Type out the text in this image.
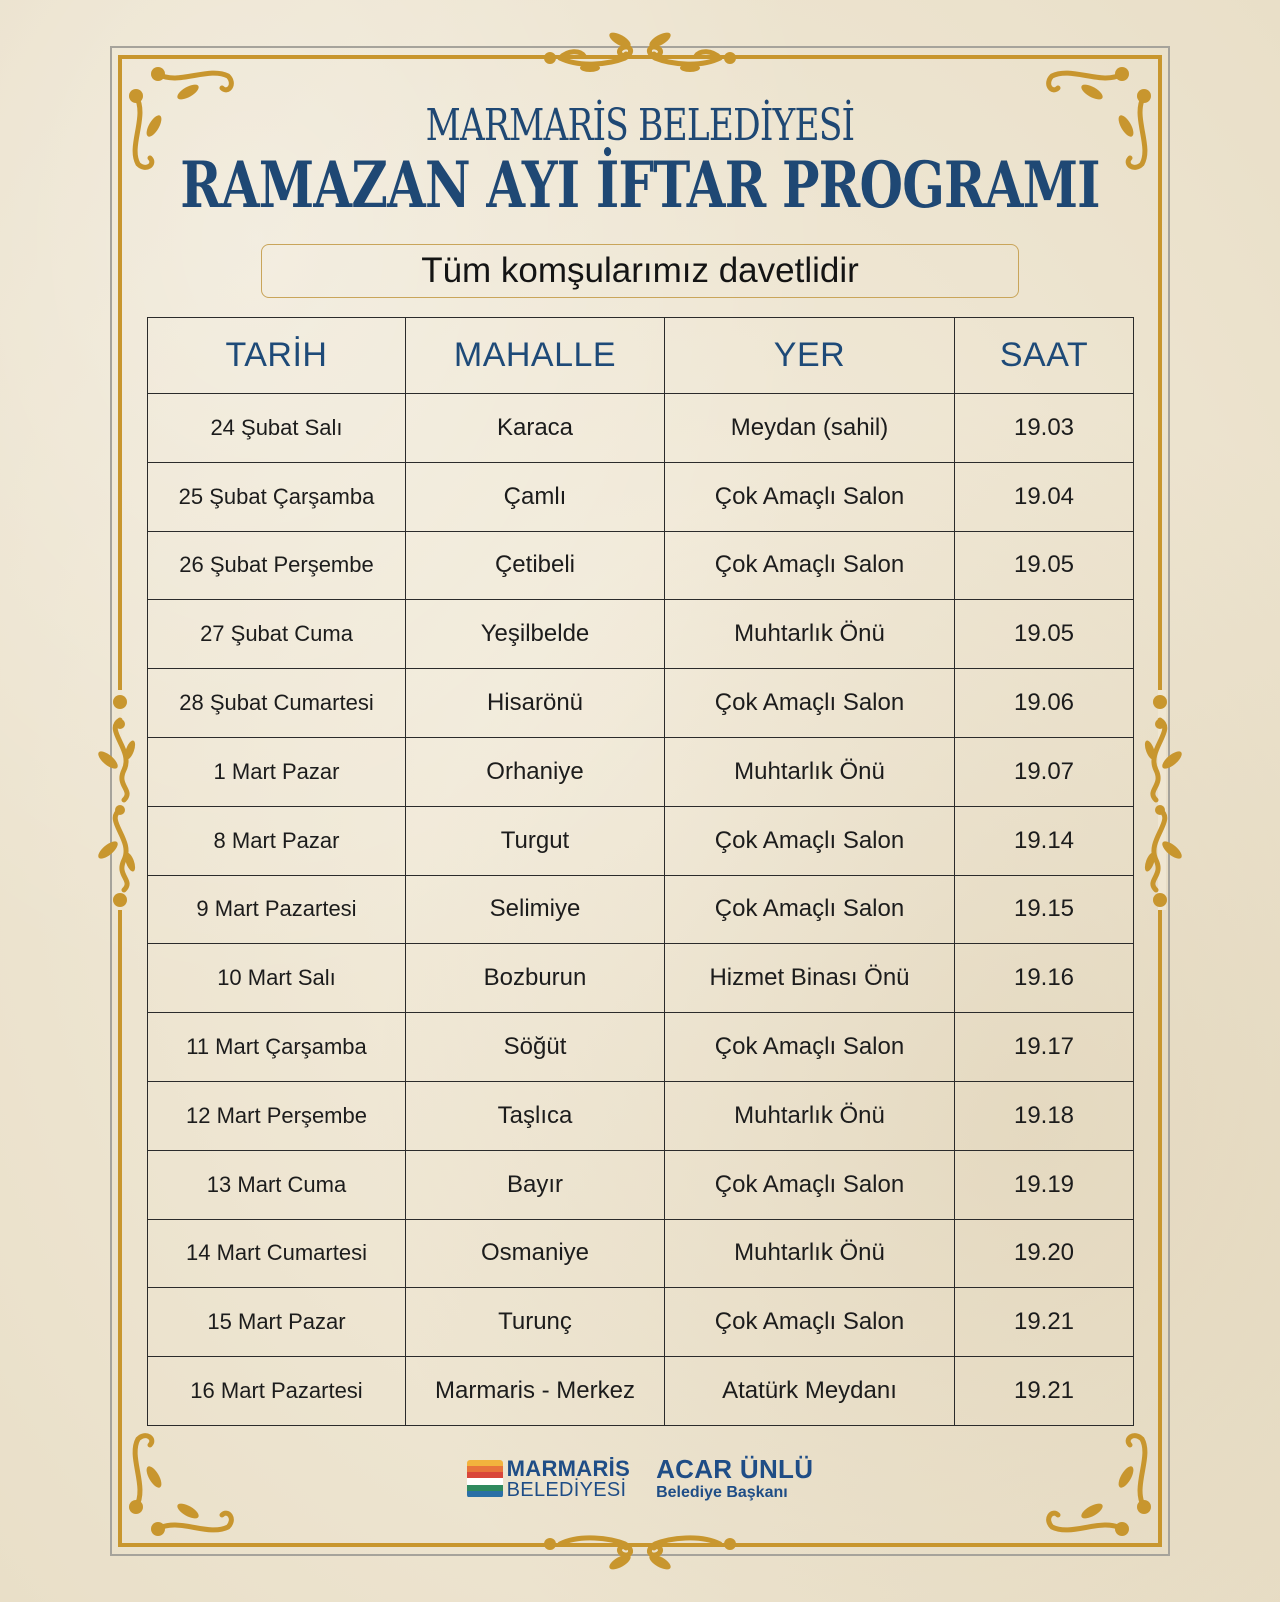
MARMARİS BELEDİYESİ
RAMAZAN AYI İFTAR PROGRAMI
Tüm komşularımız davetlidir
TARİH	MAHALLE	YER	SAAT
24 Şubat Salı	Karaca	Meydan (sahil)	19.03
25 Şubat Çarşamba	Çamlı	Çok Amaçlı Salon	19.04
26 Şubat Perşembe	Çetibeli	Çok Amaçlı Salon	19.05
27 Şubat Cuma	Yeşilbelde	Muhtarlık Önü	19.05
28 Şubat Cumartesi	Hisarönü	Çok Amaçlı Salon	19.06
1 Mart Pazar	Orhaniye	Muhtarlık Önü	19.07
8 Mart Pazar	Turgut	Çok Amaçlı Salon	19.14
9 Mart Pazartesi	Selimiye	Çok Amaçlı Salon	19.15
10 Mart Salı	Bozburun	Hizmet Binası Önü	19.16
11 Mart Çarşamba	Söğüt	Çok Amaçlı Salon	19.17
12 Mart Perşembe	Taşlıca	Muhtarlık Önü	19.18
13 Mart Cuma	Bayır	Çok Amaçlı Salon	19.19
14 Mart Cumartesi	Osmaniye	Muhtarlık Önü	19.20
15 Mart Pazar	Turunç	Çok Amaçlı Salon	19.21
16 Mart Pazartesi	Marmaris - Merkez	Atatürk Meydanı	19.21
MARMARİS
BELEDİYESİ
ACAR ÜNLÜ
Belediye Başkanı
